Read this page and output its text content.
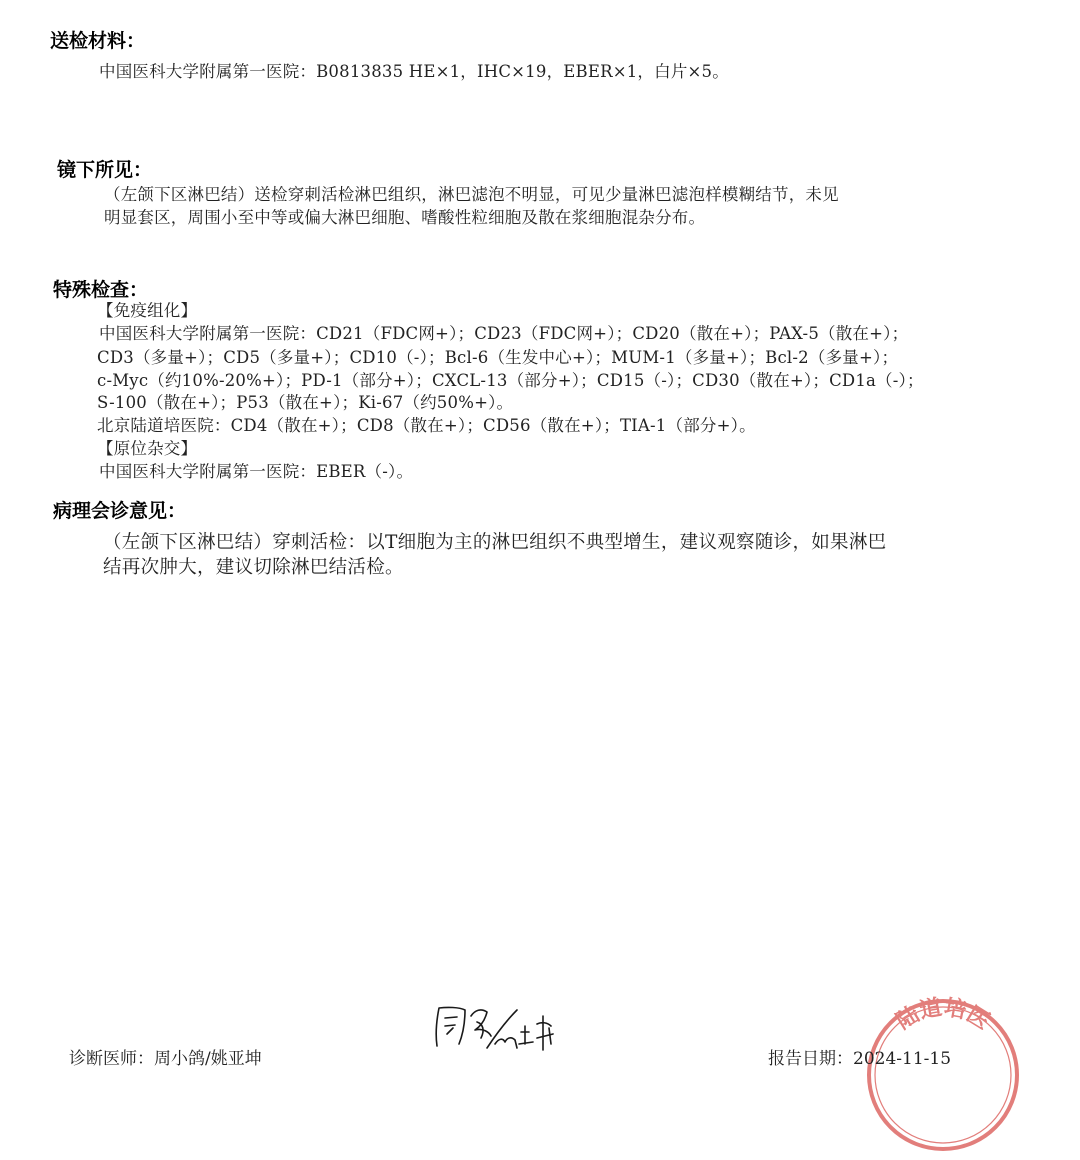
送检材料：
中国医科大学附属第一医院：B0813835 HE×1，IHC×19，EBER×1，白片×5。
镜下所见：
（左颌下区淋巴结）送检穿刺活检淋巴组织，淋巴滤泡不明显，可见少量淋巴滤泡样模糊结节，未见
明显套区，周围小至中等或偏大淋巴细胞、嗜酸性粒细胞及散在浆细胞混杂分布。
特殊检查：
【免疫组化】
中国医科大学附属第一医院：CD21（FDC网+）；CD23（FDC网+）；CD20（散在+）；PAX-5（散在+）；
CD3（多量+）；CD5（多量+）；CD10（-）；Bcl-6（生发中心+）；MUM-1（多量+）；Bcl-2（多量+）；
c-Myc（约10%-20%+）；PD-1（部分+）；CXCL-13（部分+）；CD15（-）；CD30（散在+）；CD1a（-）；
S-100（散在+）；P53（散在+）；Ki-67（约50%+）。
北京陆道培医院：CD4（散在+）；CD8（散在+）；CD56（散在+）；TIA-1（部分+）。
【原位杂交】
中国医科大学附属第一医院：EBER（-）。
病理会诊意见：
（左颌下区淋巴结）穿刺活检：以T细胞为主的淋巴组织不典型增生，建议观察随诊，如果淋巴
结再次肿大，建议切除淋巴结活检。
陆道培医
诊断医师：周小鸽/姚亚坤	报告日期：2024-11-15
